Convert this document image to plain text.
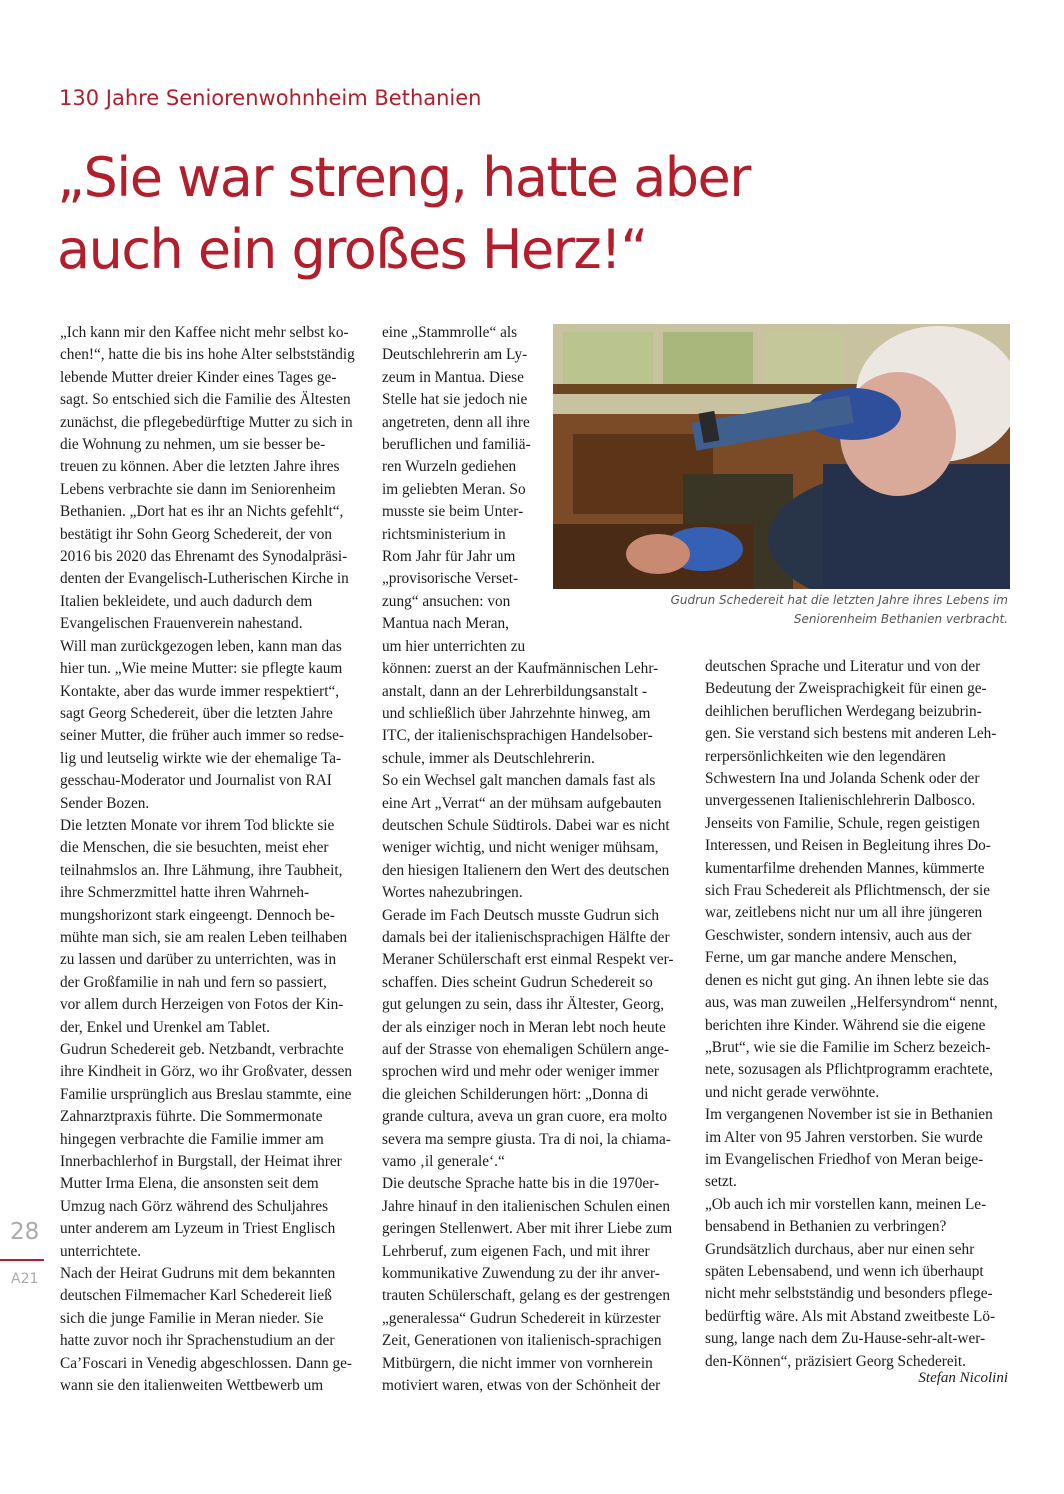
130 Jahre Seniorenwohnheim Bethanien
„Sie war streng, hatte aber
auch ein großes Herz!“
„Ich kann mir den Kaffee nicht mehr selbst ko-
chen!“, hatte die bis ins hohe Alter selbstständig
lebende Mutter dreier Kinder eines Tages ge-
sagt. So entschied sich die Familie des Ältesten
zunächst, die pflegebedürftige Mutter zu sich in
die Wohnung zu nehmen, um sie besser be-
treuen zu können. Aber die letzten Jahre ihres
Lebens verbrachte sie dann im Seniorenheim
Bethanien. „Dort hat es ihr an Nichts gefehlt“,
bestätigt ihr Sohn Georg Schedereit, der von
2016 bis 2020 das Ehrenamt des Synodalpräsi-
denten der Evangelisch-Lutherischen Kirche in
Italien bekleidete, und auch dadurch dem
Evangelischen Frauenverein nahestand.
Will man zurückgezogen leben, kann man das
hier tun. „Wie meine Mutter: sie pflegte kaum
Kontakte, aber das wurde immer respektiert“,
sagt Georg Schedereit, über die letzten Jahre
seiner Mutter, die früher auch immer so redse-
lig und leutselig wirkte wie der ehemalige Ta-
gesschau-Moderator und Journalist von RAI
Sender Bozen.
Die letzten Monate vor ihrem Tod blickte sie
die Menschen, die sie besuchten, meist eher
teilnahmslos an. Ihre Lähmung, ihre Taubheit,
ihre Schmerzmittel hatte ihren Wahrneh-
mungshorizont stark eingeengt. Dennoch be-
mühte man sich, sie am realen Leben teilhaben
zu lassen und darüber zu unterrichten, was in
der Großfamilie in nah und fern so passiert,
vor allem durch Herzeigen von Fotos der Kin-
der, Enkel und Urenkel am Tablet.
Gudrun Schedereit geb. Netzbandt, verbrachte
ihre Kindheit in Görz, wo ihr Großvater, dessen
Familie ursprünglich aus Breslau stammte, eine
Zahnarztpraxis führte. Die Sommermonate
hingegen verbrachte die Familie immer am
Innerbachlerhof in Burgstall, der Heimat ihrer
Mutter Irma Elena, die ansonsten seit dem
Umzug nach Görz während des Schuljahres
unter anderem am Lyzeum in Triest Englisch
unterrichtete.
Nach der Heirat Gudruns mit dem bekannten
deutschen Filmemacher Karl Schedereit ließ
sich die junge Familie in Meran nieder. Sie
hatte zuvor noch ihr Sprachenstudium an der
Ca’Foscari in Venedig abgeschlossen. Dann ge-
wann sie den italienweiten Wettbewerb um
eine „Stammrolle“ als
Deutschlehrerin am Ly-
zeum in Mantua. Diese
Stelle hat sie jedoch nie
angetreten, denn all ihre
beruflichen und familiä-
ren Wurzeln gediehen
im geliebten Meran. So
musste sie beim Unter-
richtsministerium in
Rom Jahr für Jahr um
„provisorische Verset-
zung“ ansuchen: von
Mantua nach Meran,
um hier unterrichten zu
können: zuerst an der Kaufmännischen Lehr-
anstalt, dann an der Lehrerbildungsanstalt -
und schließlich über Jahrzehnte hinweg, am
ITC, der italienischsprachigen Handelsober-
schule, immer als Deutschlehrerin.
So ein Wechsel galt manchen damals fast als
eine Art „Verrat“ an der mühsam aufgebauten
deutschen Schule Südtirols. Dabei war es nicht
weniger wichtig, und nicht weniger mühsam,
den hiesigen Italienern den Wert des deutschen
Wortes nahezubringen.
Gerade im Fach Deutsch musste Gudrun sich
damals bei der italienischsprachigen Hälfte der
Meraner Schülerschaft erst einmal Respekt ver-
schaffen. Dies scheint Gudrun Schedereit so
gut gelungen zu sein, dass ihr Ältester, Georg,
der als einziger noch in Meran lebt noch heute
auf der Strasse von ehemaligen Schülern ange-
sprochen wird und mehr oder weniger immer
die gleichen Schilderungen hört: „Donna di
grande cultura, aveva un gran cuore, era molto
severa ma sempre giusta. Tra di noi, la chiama-
vamo ‚il generale‘.“
Die deutsche Sprache hatte bis in die 1970er-
Jahre hinauf in den italienischen Schulen einen
geringen Stellenwert. Aber mit ihrer Liebe zum
Lehrberuf, zum eigenen Fach, und mit ihrer
kommunikative Zuwendung zu der ihr anver-
trauten Schülerschaft, gelang es der gestrengen
„generalessa“ Gudrun Schedereit in kürzester
Zeit, Generationen von italienisch-sprachigen
Mitbürgern, die nicht immer von vornherein
motiviert waren, etwas von der Schönheit der
deutschen Sprache und Literatur und von der
Bedeutung der Zweisprachigkeit für einen ge-
deihlichen beruflichen Werdegang beizubrin-
gen. Sie verstand sich bestens mit anderen Leh-
rerpersönlichkeiten wie den legendären
Schwestern Ina und Jolanda Schenk oder der
unvergessenen Italienischlehrerin Dalbosco.
Jenseits von Familie, Schule, regen geistigen
Interessen, und Reisen in Begleitung ihres Do-
kumentarfilme drehenden Mannes, kümmerte
sich Frau Schedereit als Pflichtmensch, der sie
war, zeitlebens nicht nur um all ihre jüngeren
Geschwister, sondern intensiv, auch aus der
Ferne, um gar manche andere Menschen,
denen es nicht gut ging. An ihnen lebte sie das
aus, was man zuweilen „Helfersyndrom“ nennt,
berichten ihre Kinder. Während sie die eigene
„Brut“, wie sie die Familie im Scherz bezeich-
nete, sozusagen als Pflichtprogramm erachtete,
und nicht gerade verwöhnte.
Im vergangenen November ist sie in Bethanien
im Alter von 95 Jahren verstorben. Sie wurde
im Evangelischen Friedhof von Meran beige-
setzt.
„Ob auch ich mir vorstellen kann, meinen Le-
bensabend in Bethanien zu verbringen?
Grundsätzlich durchaus, aber nur einen sehr
späten Lebensabend, und wenn ich überhaupt
nicht mehr selbstständig und besonders pflege-
bedürftig wäre. Als mit Abstand zweitbeste Lö-
sung, lange nach dem Zu-Hause-sehr-alt-wer-
den-Können“, präzisiert Georg Schedereit.
Gudrun Schedereit hat die letzten Jahre ihres Lebens im
Seniorenheim Bethanien verbracht.
Stefan Nicolini
28
A21
